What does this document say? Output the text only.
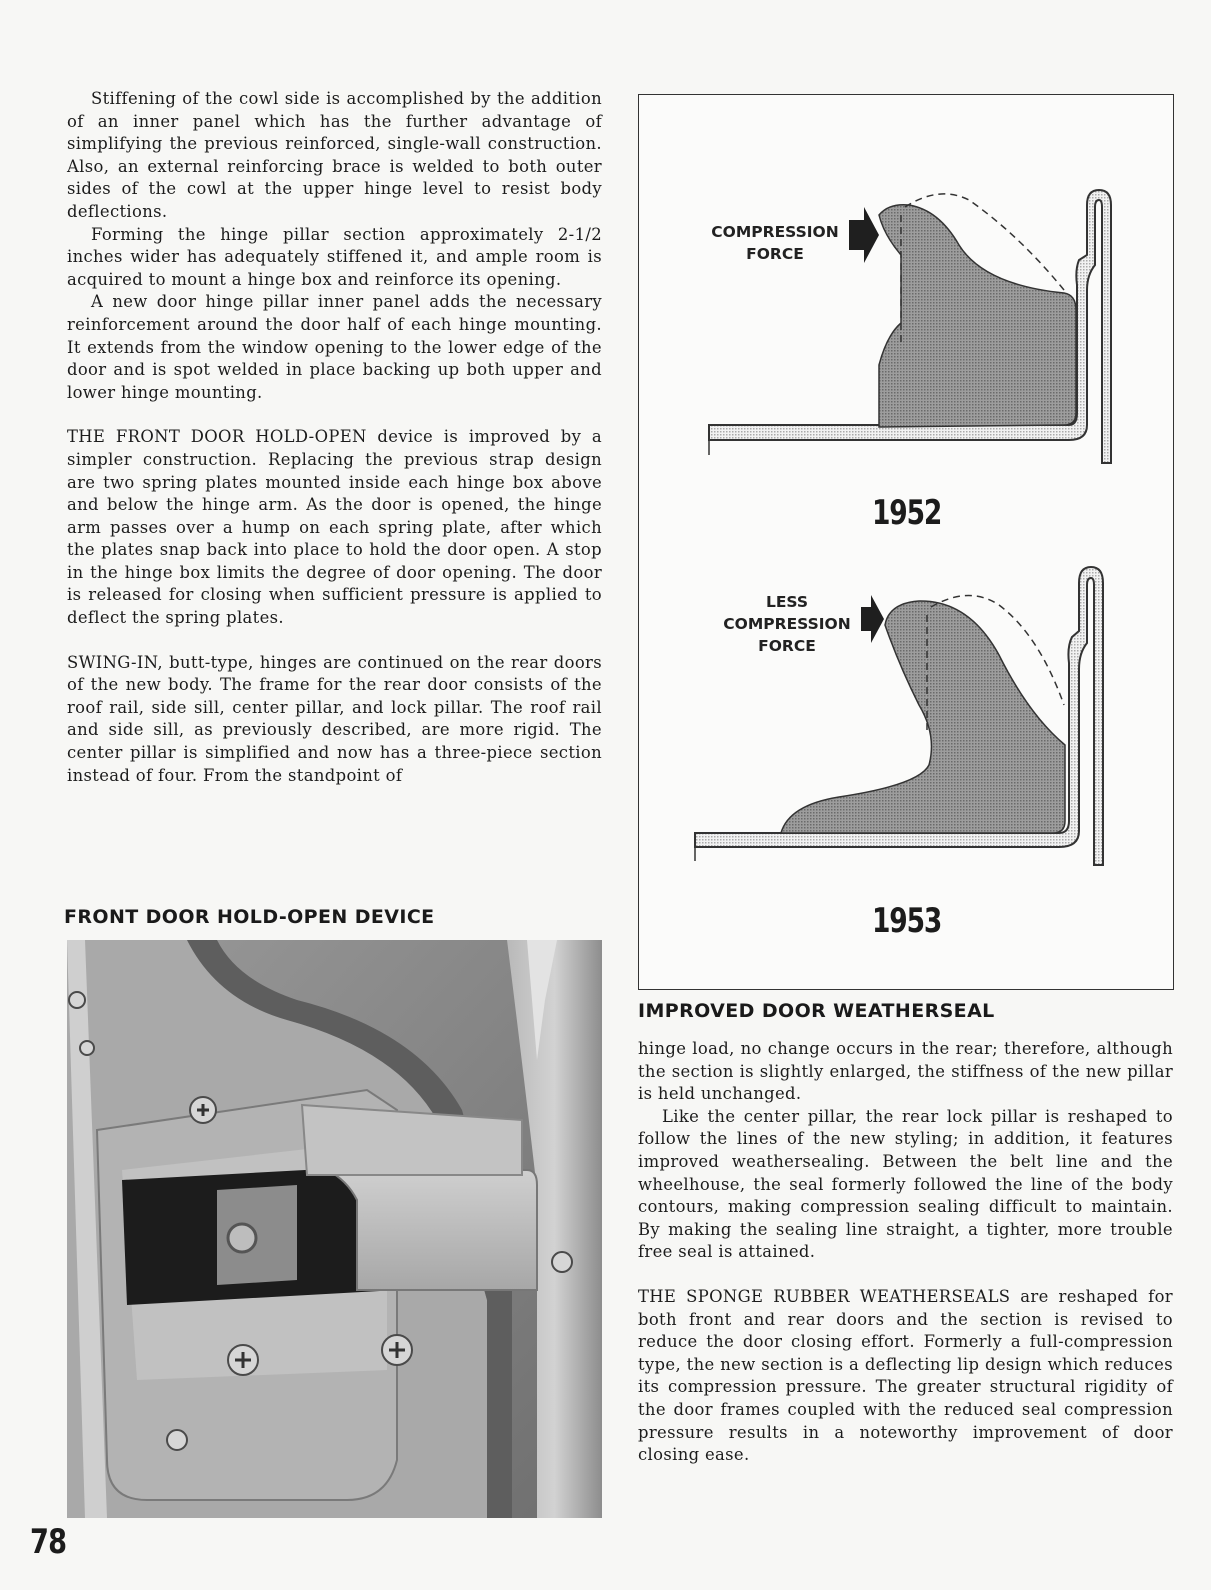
Stiffening of the cowl side is accomplished by the addition of an inner panel which has the further advantage of simplifying the previous reinforced, single-wall construction. Also, an external reinforcing brace is welded to both outer sides of the cowl at the upper hinge level to resist body deflections.

Forming the hinge pillar section approximately 2-1/2 inches wider has adequately stiffened it, and ample room is acquired to mount a hinge box and reinforce its opening.

A new door hinge pillar inner panel adds the necessary reinforcement around the door half of each hinge mounting. It extends from the window opening to the lower edge of the door and is spot welded in place backing up both upper and lower hinge mounting.

THE FRONT DOOR HOLD-OPEN device is improved by a simpler construction. Replacing the previous strap design are two spring plates mounted inside each hinge box above and below the hinge arm. As the door is opened, the hinge arm passes over a hump on each spring plate, after which the plates snap back into place to hold the door open. A stop in the hinge box limits the degree of door opening. The door is released for closing when sufficient pressure is applied to deflect the spring plates.

SWING-IN, butt-type, hinges are continued on the rear doors of the new body. The frame for the rear door consists of the roof rail, side sill, center pillar, and lock pillar. The roof rail and side sill, as previously described, are more rigid. The center pillar is simplified and now has a three-piece section instead of four. From the standpoint of

FRONT DOOR HOLD-OPEN DEVICE
COMPRESSION
FORCE
1952
LESS
COMPRESSION
FORCE
1953
IMPROVED DOOR WEATHERSEAL

hinge load, no change occurs in the rear; therefore, although the section is slightly enlarged, the stiffness of the new pillar is held unchanged.

Like the center pillar, the rear lock pillar is reshaped to follow the lines of the new styling; in addition, it features improved weathersealing. Between the belt line and the wheelhouse, the seal formerly followed the line of the body contours, making compression sealing difficult to maintain. By making the sealing line straight, a tighter, more trouble free seal is attained.

THE SPONGE RUBBER WEATHERSEALS are reshaped for both front and rear doors and the section is revised to reduce the door closing effort. Formerly a full-compression type, the new section is a deflecting lip design which reduces its compression pressure. The greater structural rigidity of the door frames coupled with the reduced seal compression pressure results in a noteworthy improvement of door closing ease.

78
